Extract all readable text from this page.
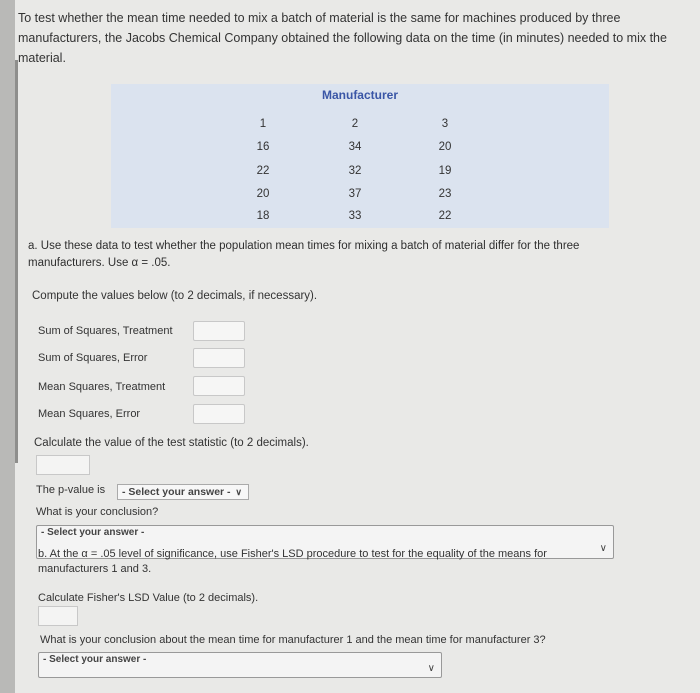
To test whether the mean time needed to mix a batch of material is the same for machines produced by three manufacturers, the Jacobs Chemical Company obtained the following data on the time (in minutes) needed to mix the material.
Manufacturer
1	2	3
16	34	20
22	32	19
20	37	23
18	33	22
a. Use these data to test whether the population mean times for mixing a batch of material differ for the three manufacturers. Use α = .05.
Compute the values below (to 2 decimals, if necessary).
Sum of Squares, Treatment
Sum of Squares, Error
Mean Squares, Treatment
Mean Squares, Error
Calculate the value of the test statistic (to 2 decimals).
The p-value is	- Select your answer - ∨
What is your conclusion?
- Select your answer -
∨
b. At the α = .05 level of significance, use Fisher's LSD procedure to test for the equality of the means for manufacturers 1 and 3.
Calculate Fisher's LSD Value (to 2 decimals).
What is your conclusion about the mean time for manufacturer 1 and the mean time for manufacturer 3?
- Select your answer -
∨
